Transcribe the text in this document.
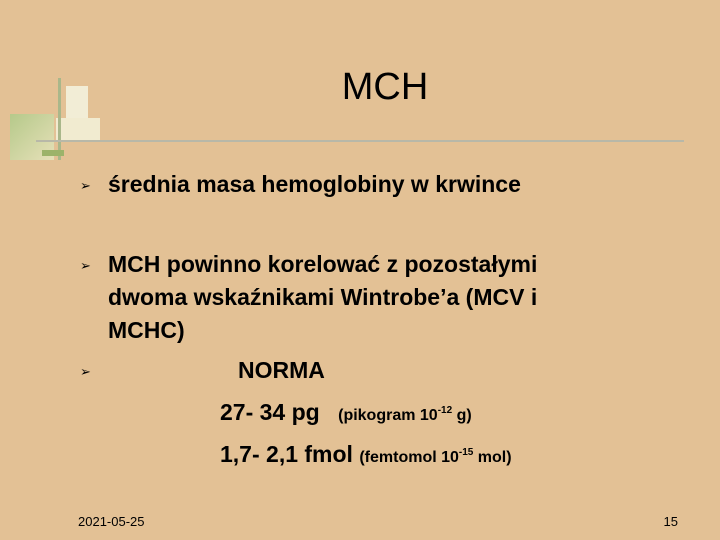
MCH
➢ średnia masa hemoglobiny w krwince
➢ MCH powinno korelować z pozostałymi
dwoma wskaźnikami Wintrobe’a (MCV i
MCHC)
➢	NORMA
27- 34 pg (pikogram $10^{-12}$ g)
1,7- 2,1 fmol (femtomol $10^{-15}$ mol)
2021-05-25	15
